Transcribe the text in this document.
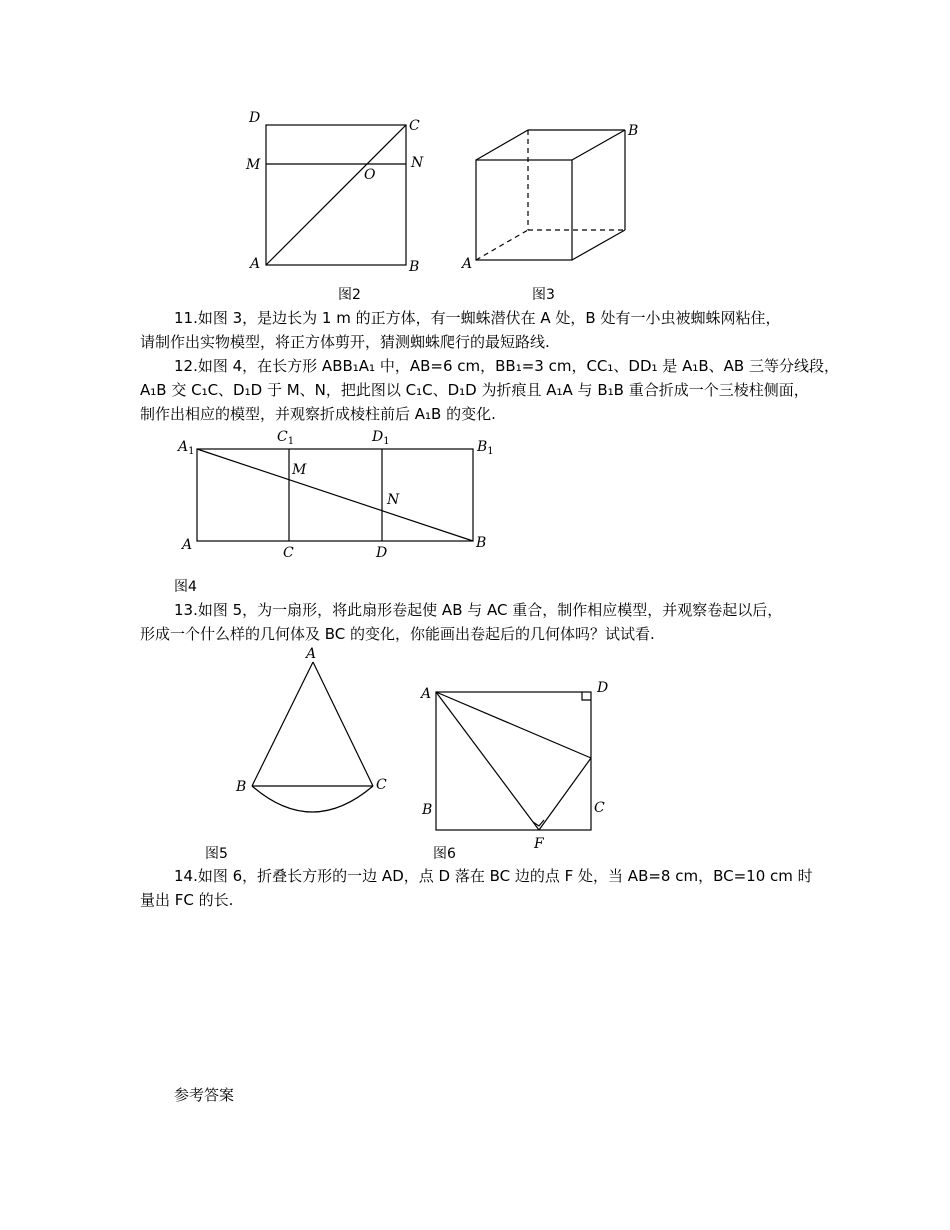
D	C
M
O
N
A	B
B
A
$A_1$
$C_1$	$D_1$	$B_1$
M
N
A	C	D
B
A
B	C
A	D
B
F
C
图2	图3
11.如图 3，是边长为 1 m 的正方体，有一蜘蛛潜伏在 A 处，B 处有一小虫被蜘蛛网粘住，
请制作出实物模型，将正方体剪开，猜测蜘蛛爬行的最短路线.
12.如图 4，在长方形 ABB₁A₁ 中，AB=6 cm，BB₁=3 cm，CC₁、DD₁ 是 A₁B、AB 三等分线段，
A₁B 交 C₁C、D₁D 于 M、N，把此图以 C₁C、D₁D 为折痕且 A₁A 与 B₁B 重合折成一个三棱柱侧面，
制作出相应的模型，并观察折成棱柱前后 A₁B 的变化.
图4
13.如图 5，为一扇形，将此扇形卷起使 AB 与 AC 重合，制作相应模型，并观察卷起以后，
形成一个什么样的几何体及 BC 的变化，你能画出卷起后的几何体吗？试试看.
图5	图6
14.如图 6，折叠长方形的一边 AD，点 D 落在 BC 边的点 F 处，当 AB=8 cm，BC=10 cm 时
量出 FC 的长.
参考答案
